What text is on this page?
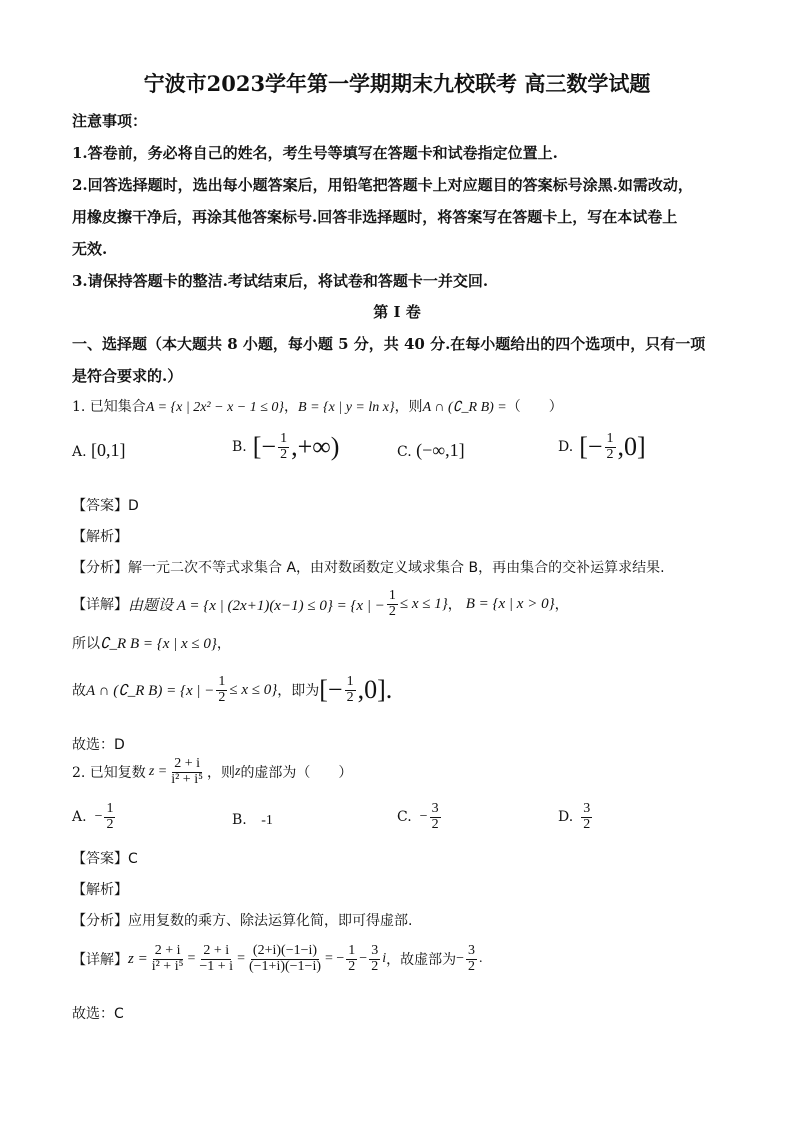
宁波市2023学年第一学期期末九校联考 高三数学试题
注意事项：
1.答卷前，务必将自己的姓名，考生号等填写在答题卡和试卷指定位置上.
2.回答选择题时，选出每小题答案后，用铅笔把答题卡上对应题目的答案标号涂黑.如需改动，
用橡皮擦干净后，再涂其他答案标号.回答非选择题时，将答案写在答题卡上，写在本试卷上
无效.
3.请保持答题卡的整洁.考试结束后，将试卷和答题卡一并交回.
第 I 卷
一、选择题（本大题共 8 小题，每小题 5 分，共 40 分.在每小题给出的四个选项中，只有一项
是符合要求的.）
1. 已知集合A = {x | 2x² − x − 1 ≤ 0}，B = {x | y = ln x}，则A ∩ (∁_R B) =（　　）
A. [0,1]	B. [− $\frac{1}{2}$ ,+∞)	C. (−∞,1]	D. [− $\frac{1}{2} ,0$]
【答案】D
【解析】
【分析】解一元二次不等式求集合 A，由对数函数定义域求集合 B，再由集合的交补运算求结果.
【详解】 由题设 A = {x | (2x+1)(x−1) ≤ 0} = {x | − $\frac{1}{2} \le x \le 1$} ， B = {x | x > 0} ，
所以∁_R B = {x | x ≤ 0}，
故 A ∩ (∁_R B) = {x | − $\frac{1}{2} \le x \le 0$} ，即为 [− $\frac{1}{2} ,0$].
故选：D
2. 已知复数 $z = \frac{2 + i}{\text{i² + i⁵}}$ ，则 z 的虚部为（　　）
A. − $\frac{1}{2}$	B. -1	C. − $\frac{3}{2}$	D. $\frac{3}{2}$
【答案】C
【解析】
【分析】应用复数的乘方、除法运算化简，即可得虚部.
【详解】 $z = \frac{2 + i}{\text{i² + i⁵}} = \frac{2 + i}{-1 + i} = \frac{(2+i)(-1-i)}{(-1+i)(-1-i)}$ = − $\frac{1}{2} - \frac{3}{2}$ i ，故虚部为 − $\frac{3}{2}$ .
故选：C
